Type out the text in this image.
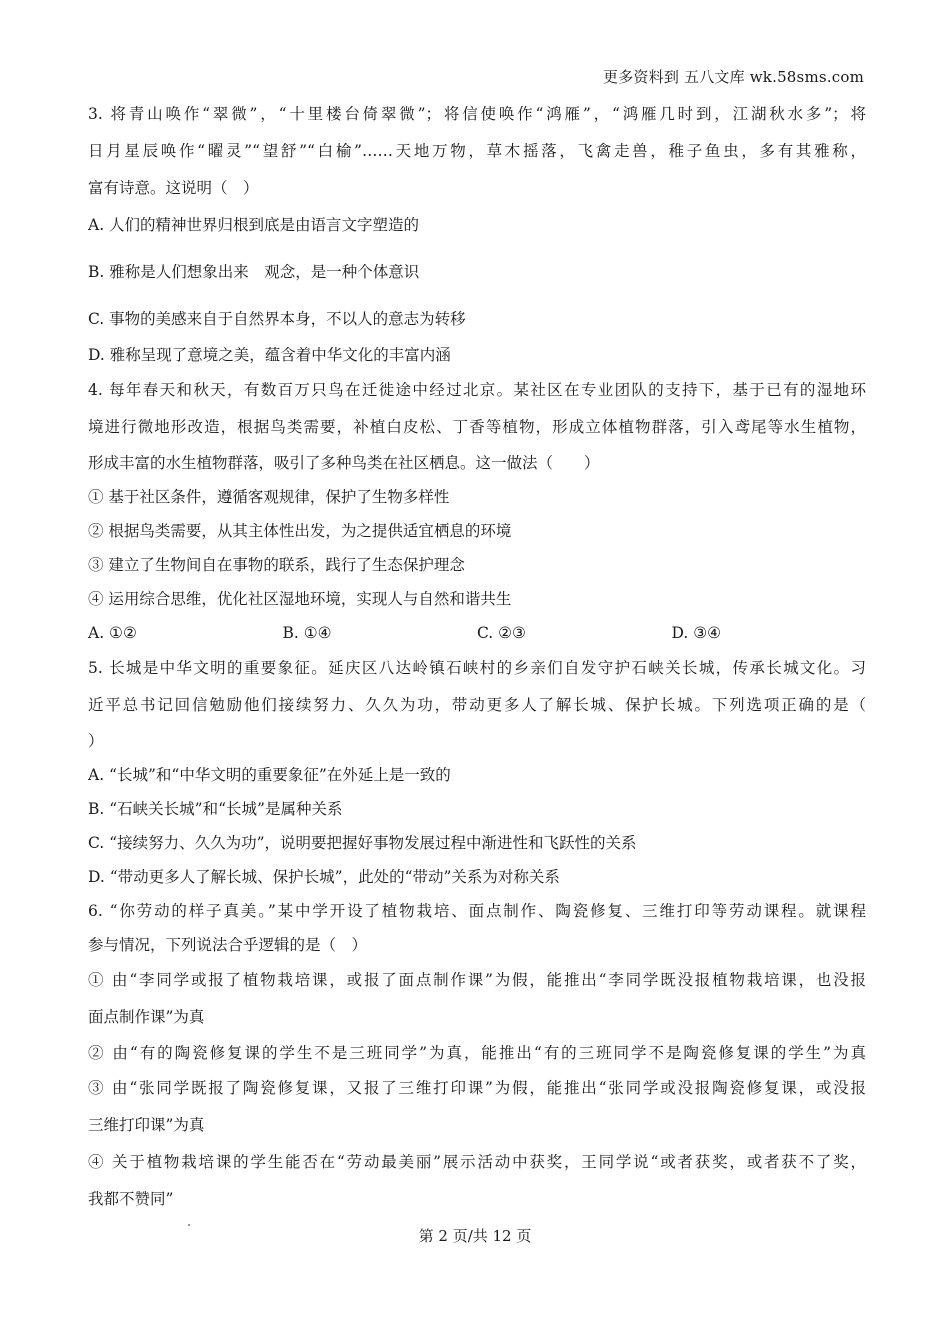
更多资料到 五八文库 wk.58sms.com
3. 将青山唤作“翠微”，“十里楼台倚翠微”；将信使唤作“鸿雁”，“鸿雁几时到，江湖秋水多”；将
日月星辰唤作“曜灵”“望舒”“白榆”……天地万物，草木摇落，飞禽走兽，稚子鱼虫，多有其雅称，
富有诗意。这说明（　）
A. 人们的精神世界归根到底是由语言文字塑造的
B. 雅称是人们想象出来　观念，是一种个体意识
C. 事物的美感来自于自然界本身，不以人的意志为转移
D. 雅称呈现了意境之美，蕴含着中华文化的丰富内涵
4. 每年春天和秋天，有数百万只鸟在迁徙途中经过北京。某社区在专业团队的支持下，基于已有的湿地环
境进行微地形改造，根据鸟类需要，补植白皮松、丁香等植物，形成立体植物群落，引入鸢尾等水生植物，
形成丰富的水生植物群落，吸引了多种鸟类在社区栖息。这一做法（　　）
① 基于社区条件，遵循客观规律，保护了生物多样性
② 根据鸟类需要，从其主体性出发，为之提供适宜栖息的环境
③ 建立了生物间自在事物的联系，践行了生态保护理念
④ 运用综合思维，优化社区湿地环境，实现人与自然和谐共生
A. ①②	B. ①④	C. ②③	D. ③④
5. 长城是中华文明的重要象征。延庆区八达岭镇石峡村的乡亲们自发守护石峡关长城，传承长城文化。习
近平总书记回信勉励他们接续努力、久久为功，带动更多人了解长城、保护长城。下列选项正确的是（
）
A. “长城”和“中华文明的重要象征”在外延上是一致的
B. “石峡关长城”和“长城”是属种关系
C. “接续努力、久久为功”，说明要把握好事物发展过程中渐进性和飞跃性的关系
D. “带动更多人了解长城、保护长城”，此处的“带动”关系为对称关系
6. “你劳动的样子真美。”某中学开设了植物栽培、面点制作、陶瓷修复、三维打印等劳动课程。就课程
参与情况，下列说法合乎逻辑的是（　）
① 由“李同学或报了植物栽培课，或报了面点制作课”为假，能推出“李同学既没报植物栽培课，也没报
面点制作课”为真
② 由“有的陶瓷修复课的学生不是三班同学”为真，能推出“有的三班同学不是陶瓷修复课的学生”为真
③ 由“张同学既报了陶瓷修复课，又报了三维打印课”为假，能推出“张同学或没报陶瓷修复课，或没报
三维打印课”为真
④ 关于植物栽培课的学生能否在“劳动最美丽”展示活动中获奖，王同学说“或者获奖，或者获不了奖，
我都不赞同”
第 2 页/共 12 页
